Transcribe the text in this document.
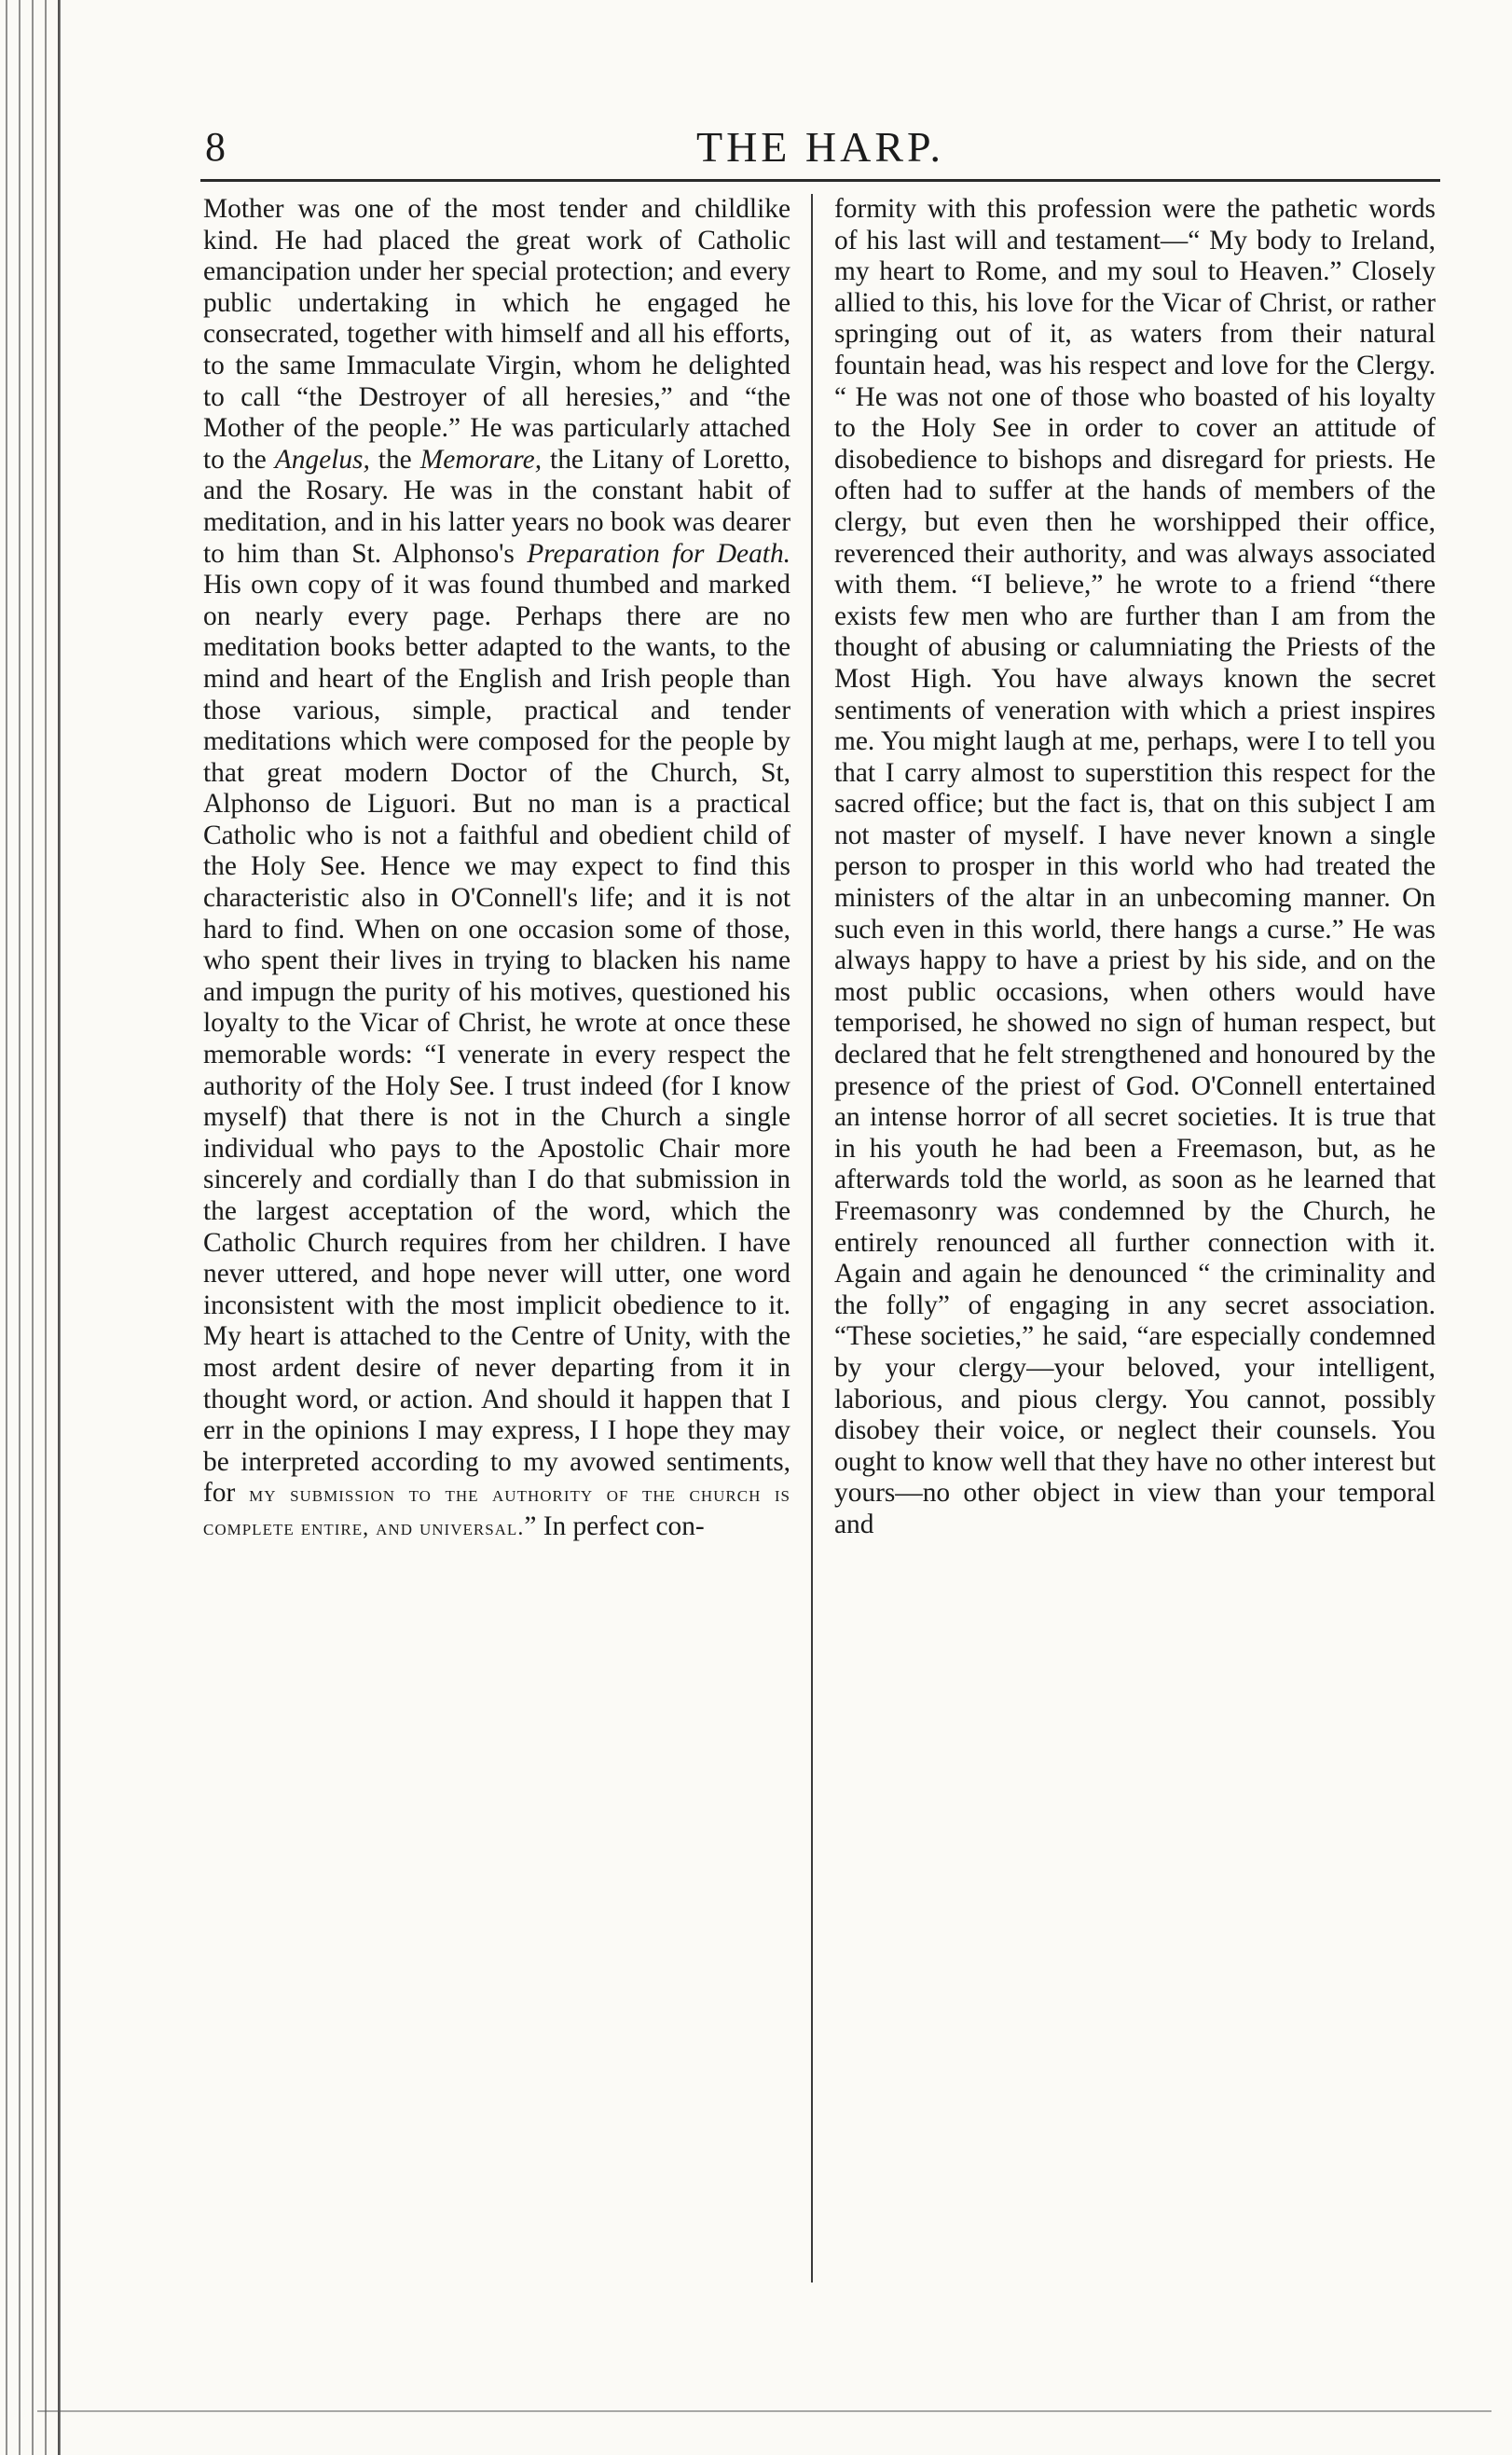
8	THE HARP.

Mother was one of the most tender and childlike kind. He had placed the great work of Catholic emancipation under her special protection; and every public undertaking in which he engaged he consecrated, together with himself and all his efforts, to the same Immaculate Virgin, whom he delighted to call “the Destroyer of all heresies,” and “the Mother of the people.” He was particularly attached to the Angelus, the Memorare, the Litany of Loretto, and the Rosary. He was in the constant habit of meditation, and in his latter years no book was dearer to him than St. Alphonso's Preparation for Death. His own copy of it was found thumbed and marked on nearly every page. Perhaps there are no meditation books better adapted to the wants, to the mind and heart of the English and Irish people than those various, simple, practical and tender meditations which were composed for the people by that great modern Doctor of the Church, St, Alphonso de Liguori. But no man is a practical Catholic who is not a faithful and obedient child of the Holy See. Hence we may expect to find this characteristic also in O'Connell's life; and it is not hard to find. When on one occasion some of those, who spent their lives in trying to blacken his name and impugn the purity of his motives, questioned his loyalty to the Vicar of Christ, he wrote at once these memorable words: “I venerate in every respect the authority of the Holy See. I trust indeed (for I know myself) that there is not in the Church a single individual who pays to the Apostolic Chair more sincerely and cordially than I do that submission in the largest acceptation of the word, which the Catholic Church requires from her children. I have never uttered, and hope never will utter, one word inconsistent with the most implicit obedience to it. My heart is attached to the Centre of Unity, with the most ardent desire of never departing from it in thought word, or action. And should it happen that I err in the opinions I may express, I I hope they may be interpreted according to my avowed sentiments, for my submission to the authority of the church is complete entire, and universal.” In perfect con-

formity with this profession were the pathetic words of his last will and testament—“ My body to Ireland, my heart to Rome, and my soul to Heaven.” Closely allied to this, his love for the Vicar of Christ, or rather springing out of it, as waters from their natural fountain head, was his respect and love for the Clergy. “ He was not one of those who boasted of his loyalty to the Holy See in order to cover an attitude of disobedience to bishops and disregard for priests. He often had to suffer at the hands of members of the clergy, but even then he worshipped their office, reverenced their authority, and was always associated with them. “I believe,” he wrote to a friend “there exists few men who are further than I am from the thought of abusing or calumniating the Priests of the Most High. You have always known the secret sentiments of veneration with which a priest inspires me. You might laugh at me, perhaps, were I to tell you that I carry almost to superstition this respect for the sacred office; but the fact is, that on this subject I am not master of myself. I have never known a single person to prosper in this world who had treated the ministers of the altar in an unbecoming manner. On such even in this world, there hangs a curse.” He was always happy to have a priest by his side, and on the most public occasions, when others would have temporised, he showed no sign of human respect, but declared that he felt strengthened and honoured by the presence of the priest of God. O'Connell entertained an intense horror of all secret societies. It is true that in his youth he had been a Freemason, but, as he afterwards told the world, as soon as he learned that Freemasonry was condemned by the Church, he entirely renounced all further connection with it. Again and again he denounced “ the criminality and the folly” of engaging in any secret association. “These societies,” he said, “are especially condemned by your clergy—your beloved, your intelligent, laborious, and pious clergy. You cannot, possibly disobey their voice, or neglect their counsels. You ought to know well that they have no other interest but yours—no other object in view than your temporal and
